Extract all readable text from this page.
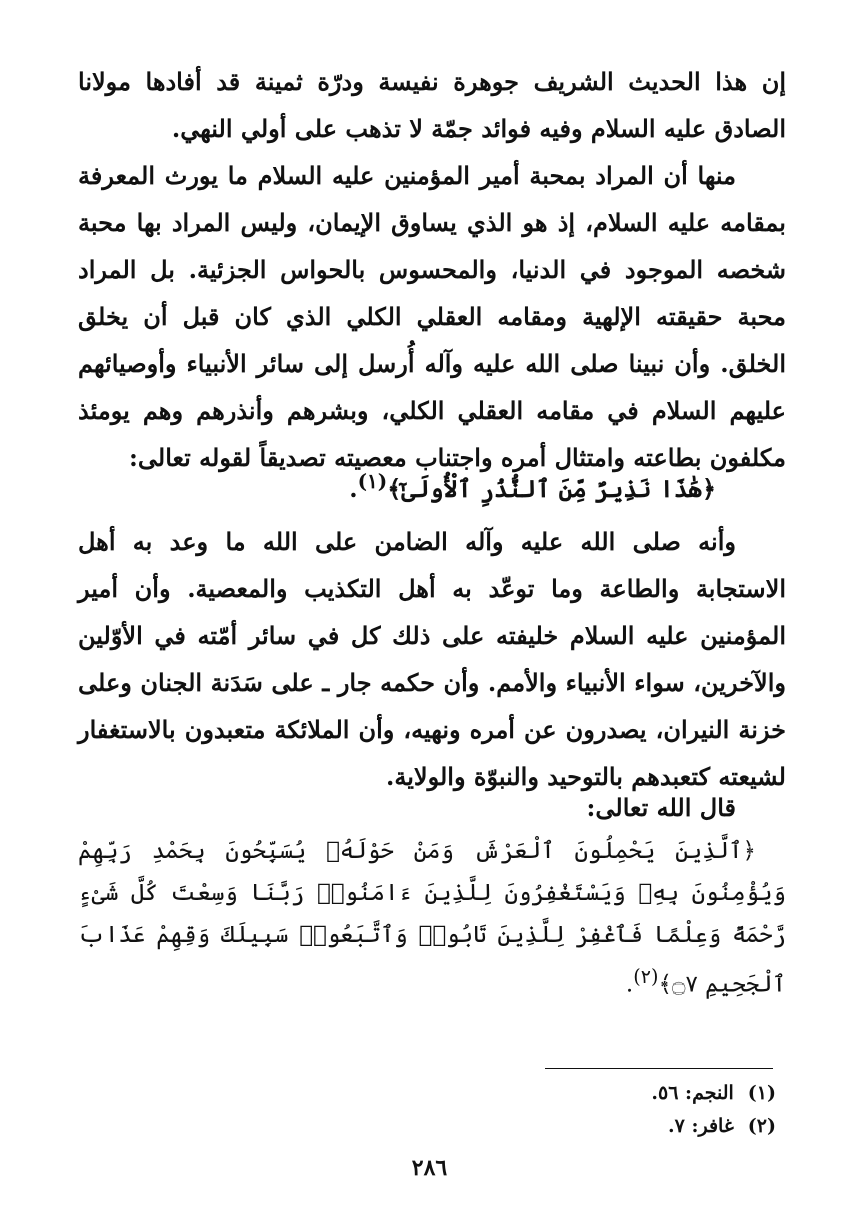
إن هذا الحديث الشريف جوهرة نفيسة ودرّة ثمينة قد أفادها مولانا الصادق عليه السلام وفيه فوائد جمّة لا تذهب على أولي النهي.

منها أن المراد بمحبة أمير المؤمنين عليه السلام ما يورث المعرفة بمقامه عليه السلام، إذ هو الذي يساوق الإيمان، وليس المراد بها محبة شخصه الموجود في الدنيا، والمحسوس بالحواس الجزئية. بل المراد محبة حقيقته الإلهية ومقامه العقلي الكلي الذي كان قبل أن يخلق الخلق. وأن نبينا صلى الله عليه وآله أُرسل إلى سائر الأنبياء وأوصيائهم عليهم السلام في مقامه العقلي الكلي، وبشرهم وأنذرهم وهم يومئذ مكلفون بطاعته وامتثال أمره واجتناب معصيته تصديقاً لقوله تعالى:

﴿هَٰذَا نَذِيرٌ مِّنَ ٱلنُّذُرِ ٱلْأُولَىٰٓ﴾$^{(١)}$.

وأنه صلى الله عليه وآله الضامن على الله ما وعد به أهل الاستجابة والطاعة وما توعّد به أهل التكذيب والمعصية. وأن أمير المؤمنين عليه السلام خليفته على ذلك كل في سائر أمّته في الأوّلين والآخرين، سواء الأنبياء والأمم. وأن حكمه جار ـ على سَدَنة الجنان وعلى خزنة النيران، يصدرون عن أمره ونهيه، وأن الملائكة متعبدون بالاستغفار لشيعته كتعبدهم بالتوحيد والنبوّة والولاية.

قال الله تعالى:

﴿ٱلَّذِينَ يَحْمِلُونَ ٱلْعَرْشَ وَمَنْ حَوْلَهُۥ يُسَبِّحُونَ بِحَمْدِ رَبِّهِمْ وَيُؤْمِنُونَ بِهِۦ وَيَسْتَغْفِرُونَ لِلَّذِينَ ءَامَنُوا۟ رَبَّنَا وَسِعْتَ كُلَّ شَىْءٍ رَّحْمَةً وَعِلْمًا فَٱغْفِرْ لِلَّذِينَ تَابُوا۟ وَٱتَّبَعُوا۟ سَبِيلَكَ وَقِهِمْ عَذَابَ ٱلْجَحِيمِ ۝٧﴾$^{(٢)}$.

(١)النجم: ٥٦.

(٢)غافر: ٧.

٢٨٦
